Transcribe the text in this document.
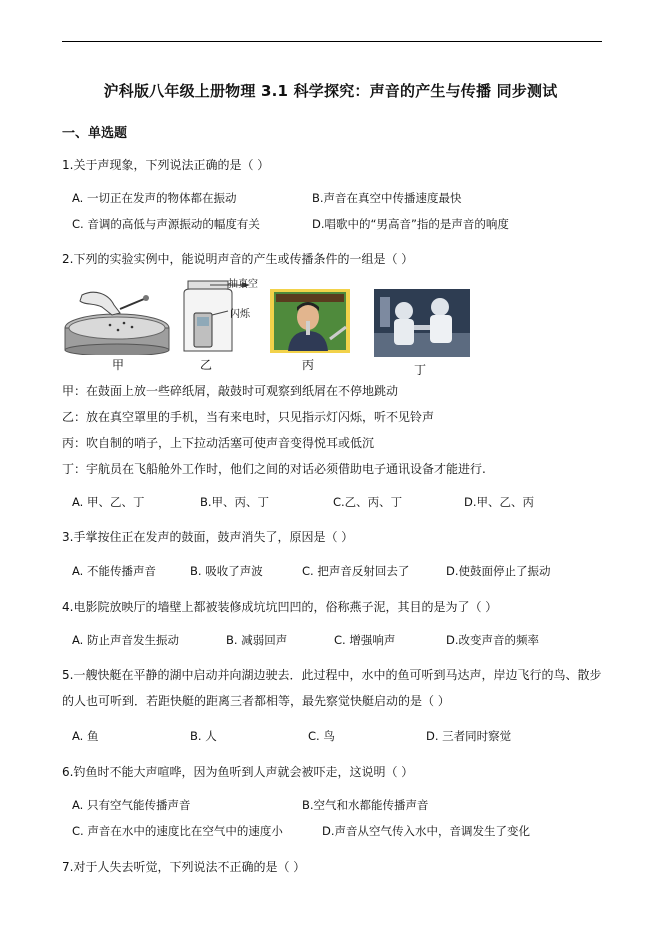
沪科版八年级上册物理 3.1 科学探究：声音的产生与传播 同步测试
一、单选题
1.关于声现象，下列说法正确的是（ ）
A. 一切正在发声的物体都在振动	B.声音在真空中传播速度最快
C. 音调的高低与声源振动的幅度有关	D.唱歌中的“男高音”指的是声音的响度
2.下列的实验实例中，能说明声音的产生或传播条件的一组是（ ）
甲
抽真空
闪烁
乙	丙	丁
甲：在鼓面上放一些碎纸屑，敲鼓时可观察到纸屑在不停地跳动
乙：放在真空罩里的手机，当有来电时，只见指示灯闪烁，听不见铃声
丙：吹自制的哨子，上下拉动活塞可使声音变得悦耳或低沉
丁：宇航员在飞船舱外工作时，他们之间的对话必须借助电子通讯设备才能进行.
A. 甲、乙、丁	B.甲、丙、丁	C.乙、丙、丁	D.甲、乙、丙
3.手掌按住正在发声的鼓面，鼓声消失了，原因是（ ）
A. 不能传播声音	B. 吸收了声波	C. 把声音反射回去了	D.使鼓面停止了振动
4.电影院放映厅的墙壁上都被装修成坑坑凹凹的，俗称燕子泥，其目的是为了（ ）
A. 防止声音发生振动	B. 减弱回声	C. 增强响声	D.改变声音的频率
5.一艘快艇在平静的湖中启动并向湖边驶去．此过程中，水中的鱼可听到马达声，岸边飞行的鸟、散步的人也可听到．若距快艇的距离三者都相等，最先察觉快艇启动的是（ ）
A. 鱼	B. 人	C. 鸟	D. 三者同时察觉
6.钓鱼时不能大声喧哗，因为鱼听到人声就会被吓走，这说明（ ）
A. 只有空气能传播声音	B.空气和水都能传播声音
C. 声音在水中的速度比在空气中的速度小	D.声音从空气传入水中，音调发生了变化
7.对于人失去听觉，下列说法不正确的是（ ）
